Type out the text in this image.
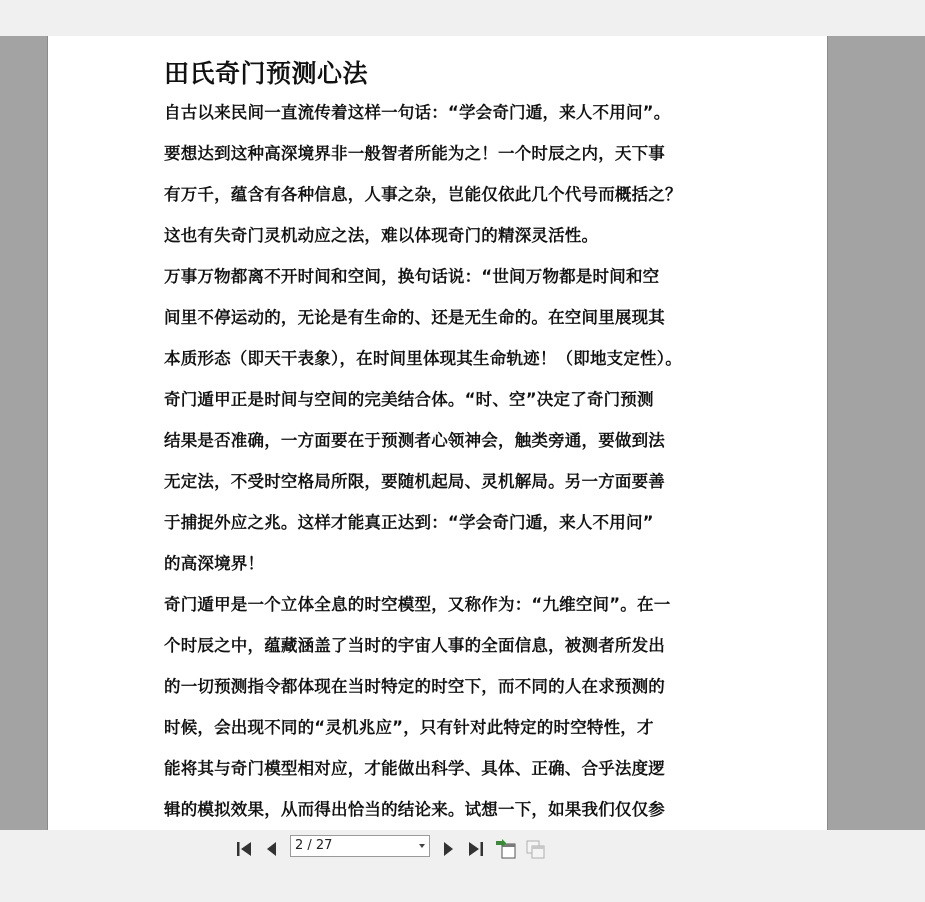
田氏奇门预测心法
自古以来民间一直流传着这样一句话：“学会奇门遁，来人不用问”。
要想达到这种高深境界非一般智者所能为之！一个时辰之内，天下事
有万千，蕴含有各种信息，人事之杂，岂能仅依此几个代号而概括之？
这也有失奇门灵机动应之法，难以体现奇门的精深灵活性。
万事万物都离不开时间和空间，换句话说：“世间万物都是时间和空
间里不停运动的，无论是有生命的、还是无生命的。在空间里展现其
本质形态（即天干表象），在时间里体现其生命轨迹！（即地支定性）。
奇门遁甲正是时间与空间的完美结合体。“时、空”决定了奇门预测
结果是否准确，一方面要在于预测者心领神会，触类旁通，要做到法
无定法，不受时空格局所限，要随机起局、灵机解局。另一方面要善
于捕捉外应之兆。这样才能真正达到：“学会奇门遁，来人不用问”
的高深境界！
奇门遁甲是一个立体全息的时空模型，又称作为：“九维空间”。在一
个时辰之中，蕴藏涵盖了当时的宇宙人事的全面信息，被测者所发出
的一切预测指令都体现在当时特定的时空下，而不同的人在求预测的
时候，会出现不同的“灵机兆应”，只有针对此特定的时空特性，才
能将其与奇门模型相对应，才能做出科学、具体、正确、合乎法度逻
辑的模拟效果，从而得出恰当的结论来。试想一下，如果我们仅仅参
2 / 27
